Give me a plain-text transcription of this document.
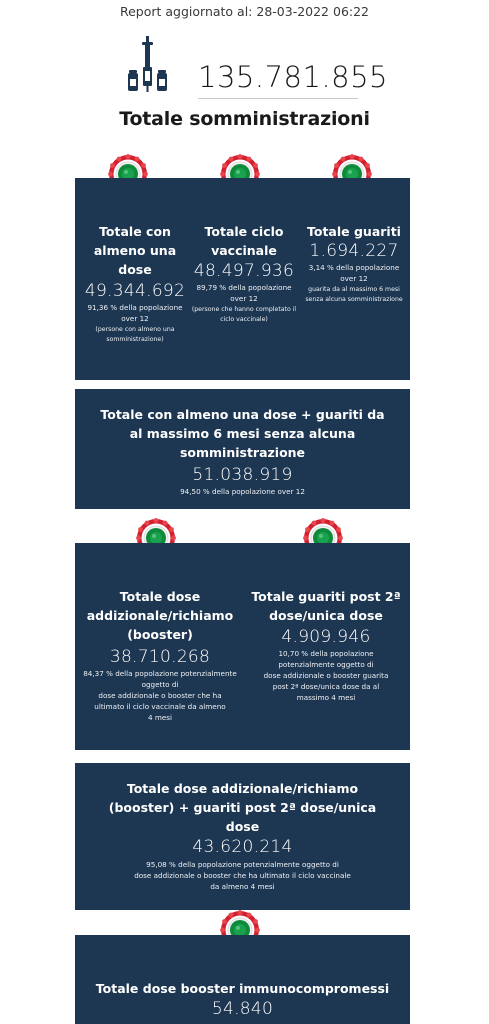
Report aggiornato al: 28-03-2022 06:22
135.781.855
Totale somministrazioni
Totale con almeno una dose
49.344.692
91,36 % della popolazione over 12
(persone con almeno una somministrazione)
Totale ciclo vaccinale
48.497.936
89,79 % della popolazione over 12
(persone che hanno completato il ciclo vaccinale)
Totale guariti
1.694.227
3,14 % della popolazione over 12
guarita da al massimo 6 mesi senza alcuna somministrazione
Totale con almeno una dose + guariti da al massimo 6 mesi senza alcuna somministrazione
51.038.919
94,50 % della popolazione over 12
Totale dose addizionale/richiamo (booster)
38.710.268
84,37 % della popolazione potenzialmente oggetto di
dose addizionale o booster che ha ultimato il ciclo vaccinale da almeno 4 mesi
Totale guariti post 2ª dose/unica dose
4.909.946
10,70 % della popolazione potenzialmente oggetto di
dose addizionale o booster guarita post 2ª dose/unica dose da al massimo 4 mesi
Totale dose addizionale/richiamo (booster) + guariti post 2ª dose/unica dose
43.620.214
95,08 % della popolazione potenzialmente oggetto di
dose addizionale o booster che ha ultimato il ciclo vaccinale da almeno 4 mesi
Totale dose booster immunocompromessi
54.840
